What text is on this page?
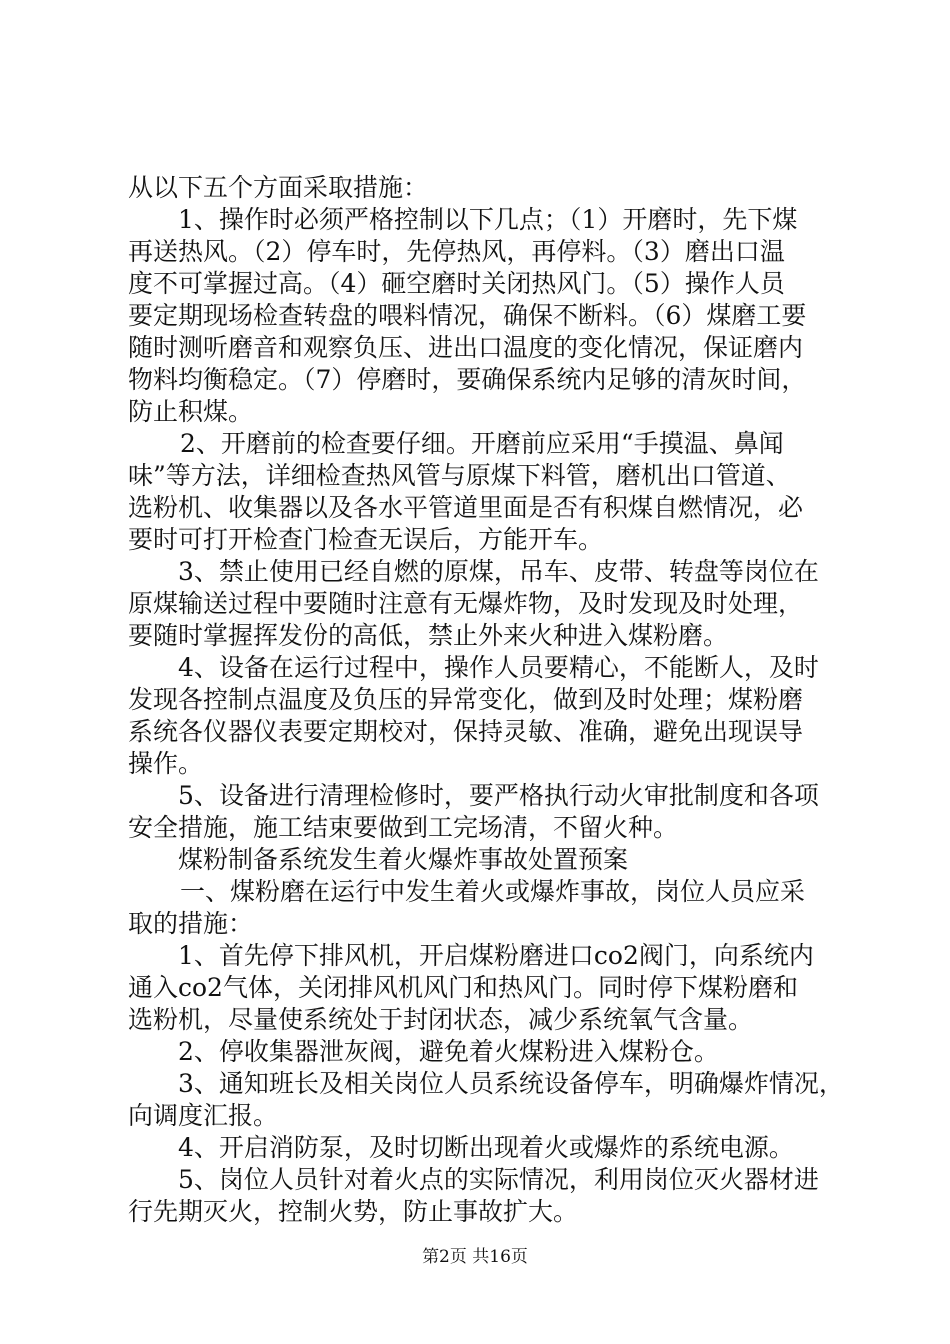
从以下五个方面采取措施：
1、操作时必须严格控制以下几点；（1）开磨时，先下煤
再送热风。（2）停车时，先停热风，再停料。（3）磨出口温
度不可掌握过高。（4）砸空磨时关闭热风门。（5）操作人员
要定期现场检查转盘的喂料情况，确保不断料。（6）煤磨工要
随时测听磨音和观察负压、进出口温度的变化情况，保证磨内
物料均衡稳定。（7）停磨时，要确保系统内足够的清灰时间，
防止积煤。
2、开磨前的检查要仔细。开磨前应采用“手摸温、鼻闻
味”等方法，详细检查热风管与原煤下料管，磨机出口管道、
选粉机、收集器以及各水平管道里面是否有积煤自燃情况，必
要时可打开检查门检查无误后，方能开车。
3、禁止使用已经自燃的原煤，吊车、皮带、转盘等岗位在
原煤输送过程中要随时注意有无爆炸物，及时发现及时处理，
要随时掌握挥发份的高低，禁止外来火种进入煤粉磨。
4、设备在运行过程中，操作人员要精心，不能断人，及时
发现各控制点温度及负压的异常变化，做到及时处理；煤粉磨
系统各仪器仪表要定期校对，保持灵敏、准确，避免出现误导
操作。
5、设备进行清理检修时，要严格执行动火审批制度和各项
安全措施，施工结束要做到工完场清，不留火种。
煤粉制备系统发生着火爆炸事故处置预案
一、煤粉磨在运行中发生着火或爆炸事故，岗位人员应采
取的措施：
1、首先停下排风机，开启煤粉磨进口co2阀门，向系统内
通入co2气体，关闭排风机风门和热风门。同时停下煤粉磨和
选粉机，尽量使系统处于封闭状态，减少系统氧气含量。
2、停收集器泄灰阀，避免着火煤粉进入煤粉仓。
3、通知班长及相关岗位人员系统设备停车，明确爆炸情况，
向调度汇报。
4、开启消防泵，及时切断出现着火或爆炸的系统电源。
5、岗位人员针对着火点的实际情况，利用岗位灭火器材进
行先期灭火，控制火势，防止事故扩大。
第2页 共16页
